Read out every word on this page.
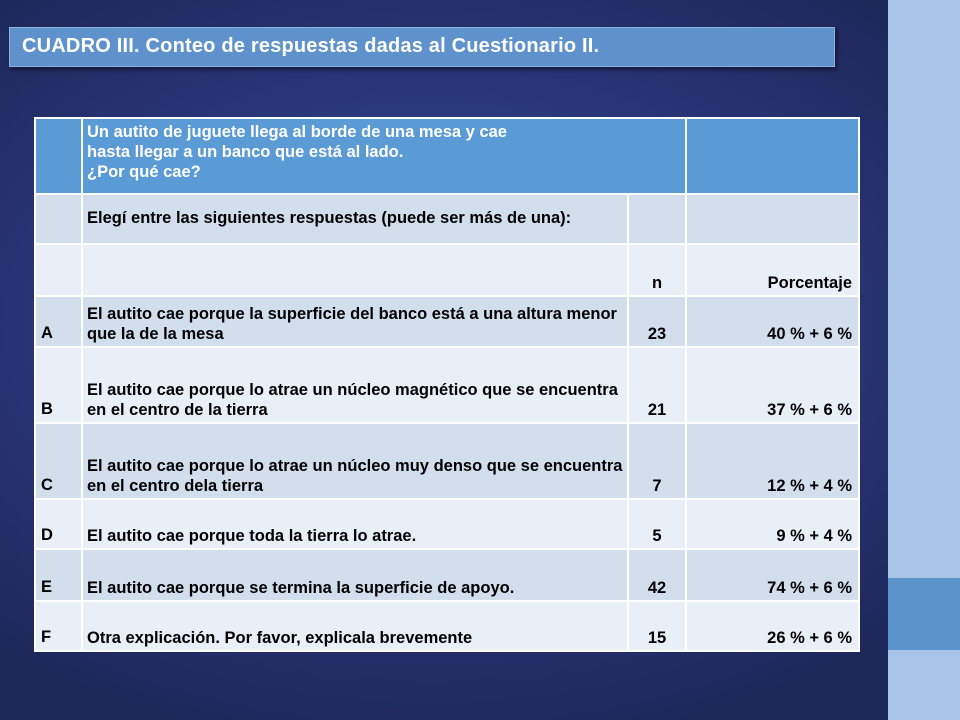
CUADRO III. Conteo de respuestas dadas al Cuestionario II.

	Un autito de juguete llega al borde de una mesa y cae
hasta llegar a un banco que está al lado.
¿Por qué cae?		

	Elegí entre las siguientes respuestas (puede ser más de una):		
		n	Porcentaje
A	El autito cae porque la superficie del banco está a una altura menor que la de la mesa	23	40 % + 6 %
B	El autito cae porque lo atrae un núcleo magnético que se encuentra en el centro de la tierra	21	37 % + 6 %
C	El autito cae porque lo atrae un núcleo muy denso que se encuentra en el centro dela tierra	7	12 % + 4 %
D	El autito cae porque toda la tierra lo atrae.	5	9 % + 4 %
E	El autito cae porque se termina la superficie de apoyo.	42	74 % + 6 %
F	Otra explicación. Por favor, explicala brevemente	15	26 % + 6 %
